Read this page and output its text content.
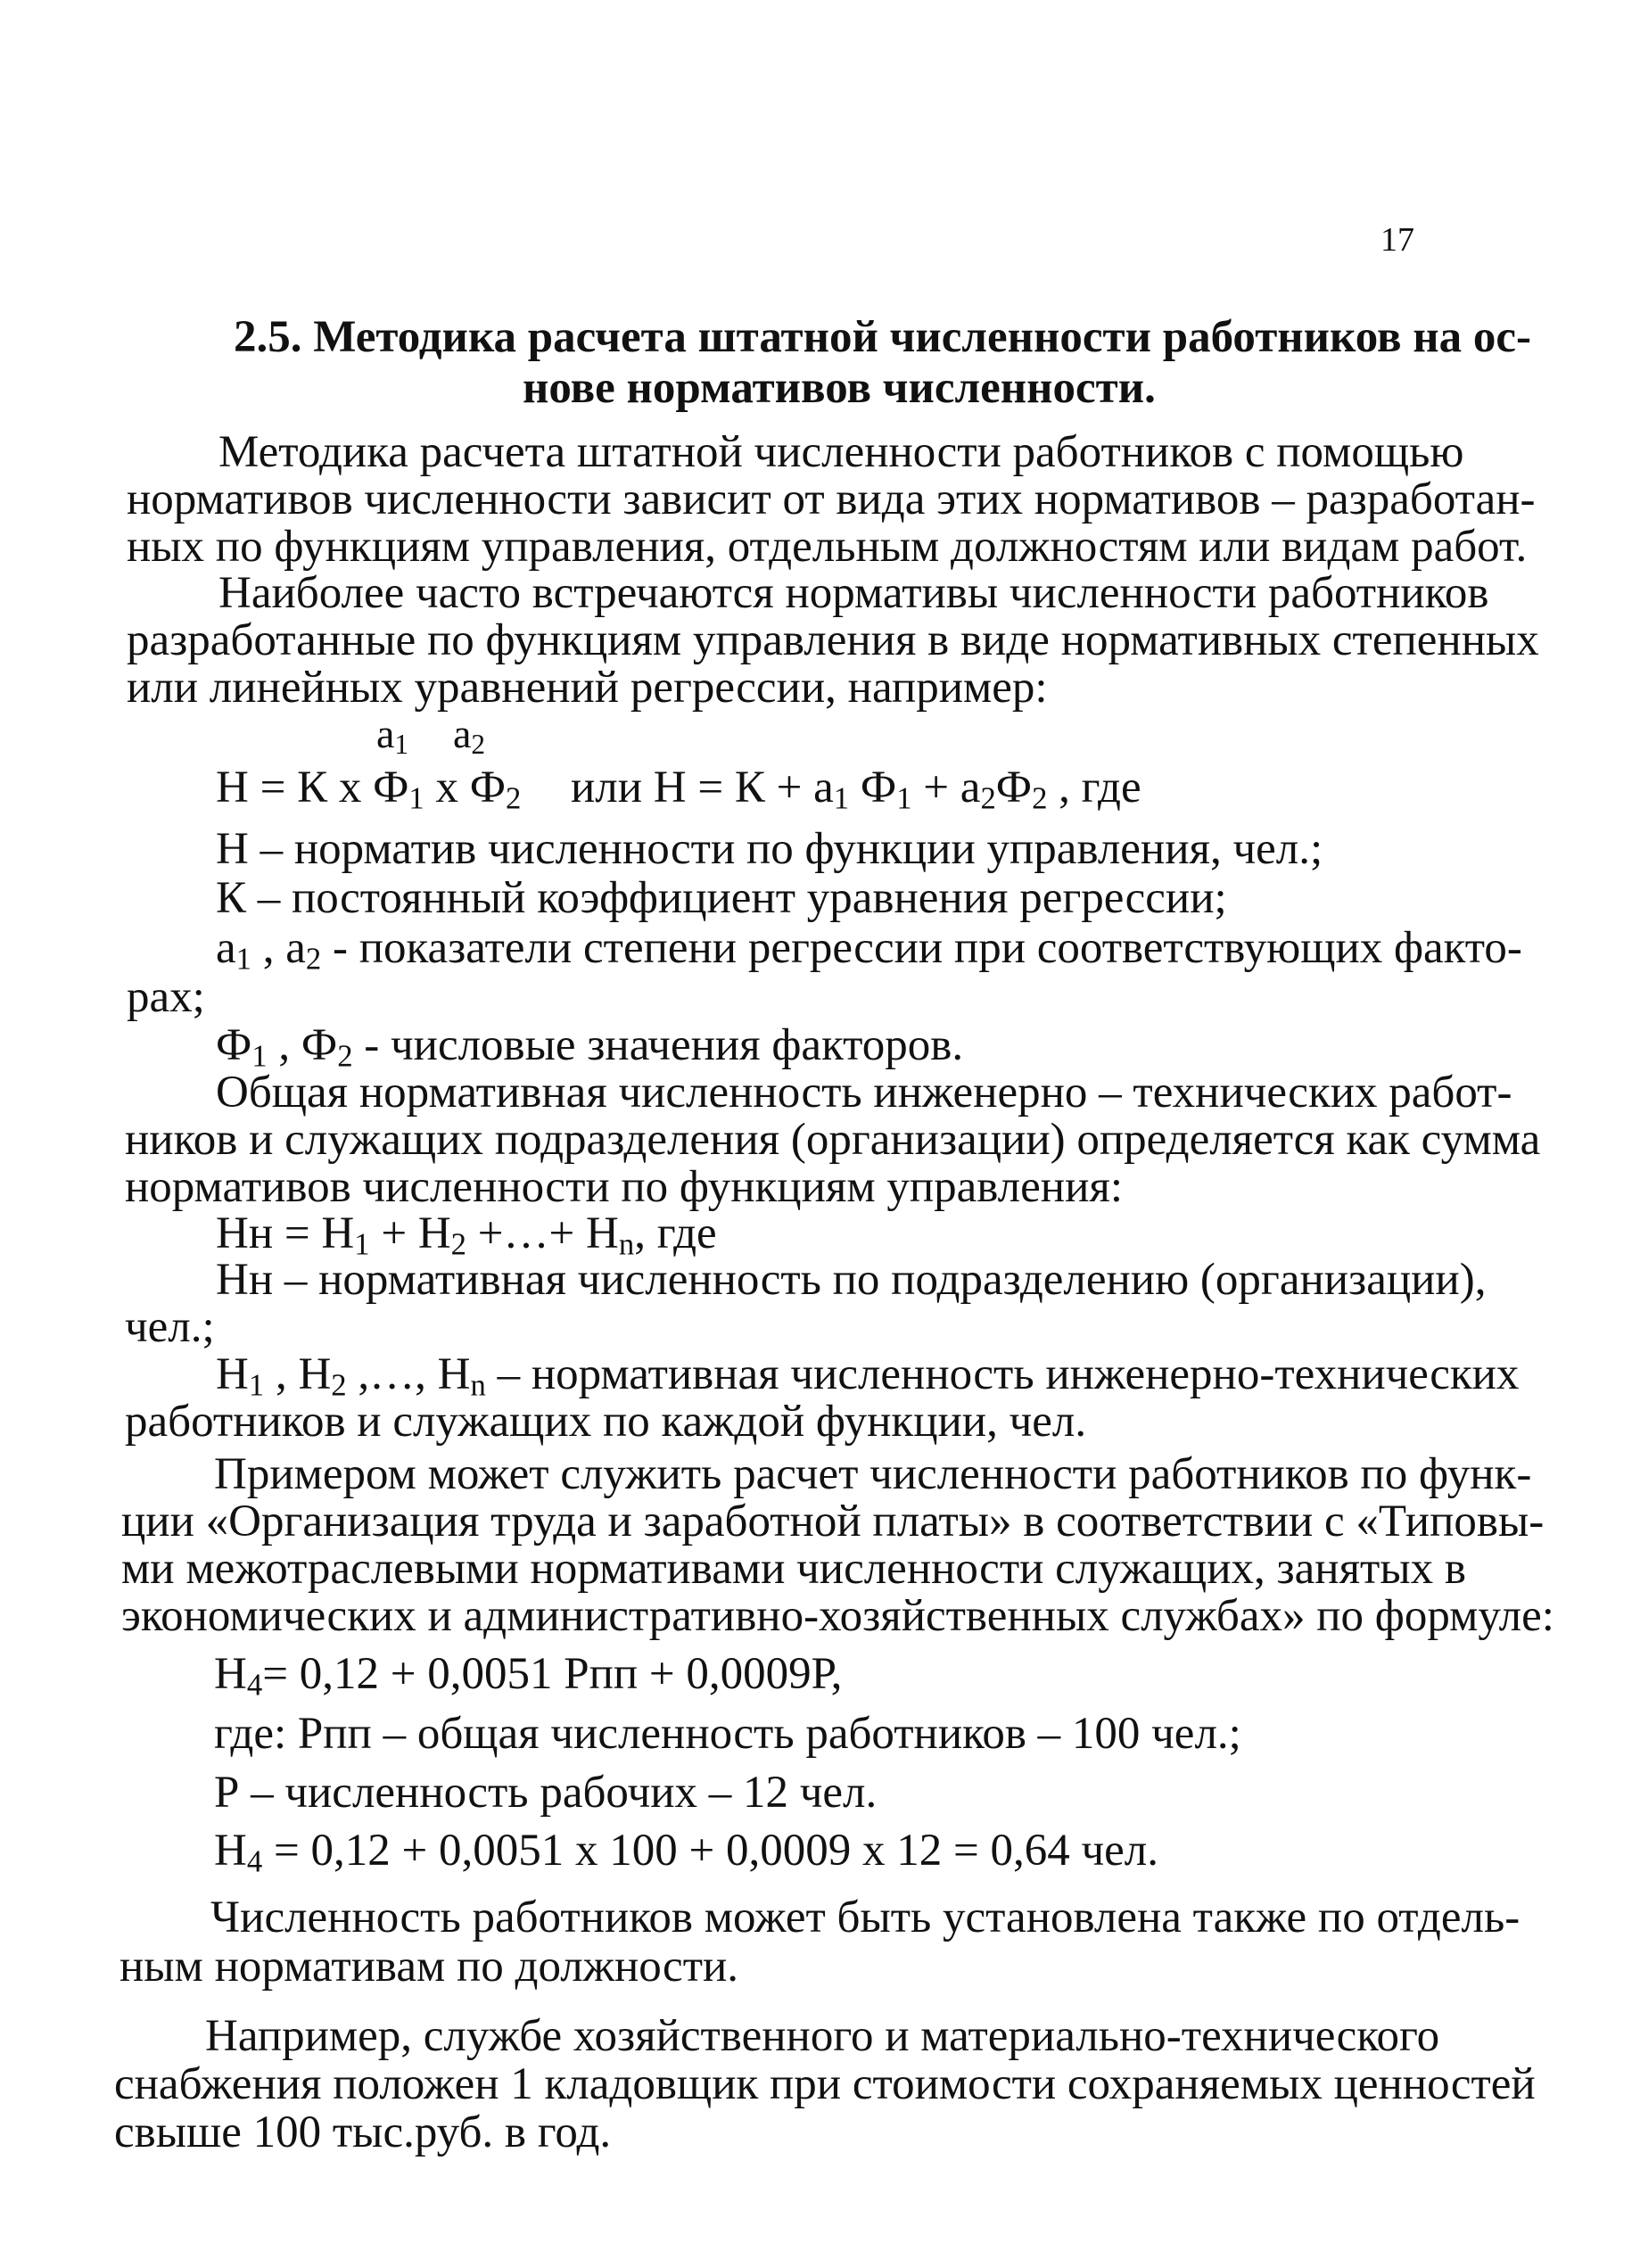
17
2.5. Методика расчета штатной численности работников на ос-
нове нормативов численности.
Методика расчета штатной численности работников с помощью
нормативов численности зависит от вида этих нормативов – разработан-
ных по функциям управления, отдельным должностям или видам работ.
Наиболее часто встречаются нормативы численности работников
разработанные по функциям управления в виде нормативных степенных
или линейных уравнений регрессии, например:
$a_1$ $a_2$
Н = К х $Ф_1$ х $Ф_2$ или $Н = К + a_1$ $Ф_1 + a_2Ф_2$ , где
Н – норматив численности по функции управления, чел.;
К – постоянный коэффициент уравнения регрессии;
$a_1$ , $a_2$ - показатели степени регрессии при соответствующих факто-
рах;
$Ф_1$ , $Ф_2$ - числовые значения факторов.
Общая нормативная численность инженерно – технических работ-
ников и служащих подразделения (организации) определяется как сумма
нормативов численности по функциям управления:
Нн = $Н_1 + Н_2$ +…+ $Н_n$, где
Нн – нормативная численность по подразделению (организации),
чел.;
$Н_1$ , $Н_2$ ,…, $Н_n$ – нормативная численность инженерно-технических
работников и служащих по каждой функции, чел.
Примером может служить расчет численности работников по функ-
ции «Организация труда и заработной платы» в соответствии с «Типовы-
ми межотраслевыми нормативами численности служащих, занятых в
экономических и административно-хозяйственных службах» по формуле:
$Н_4= 0,12 + 0,0051$ Рпп + 0,0009Р,
где: Рпп – общая численность работников – 100 чел.;
Р – численность рабочих – 12 чел.
$Н_4 = 0,12 + 0,0051$ х 100 + 0,0009 х 12 = 0,64 чел.
Численность работников может быть установлена также по отдель-
ным нормативам по должности.
Например, службе хозяйственного и материально-технического
снабжения положен 1 кладовщик при стоимости сохраняемых ценностей
свыше 100 тыс.руб. в год.
